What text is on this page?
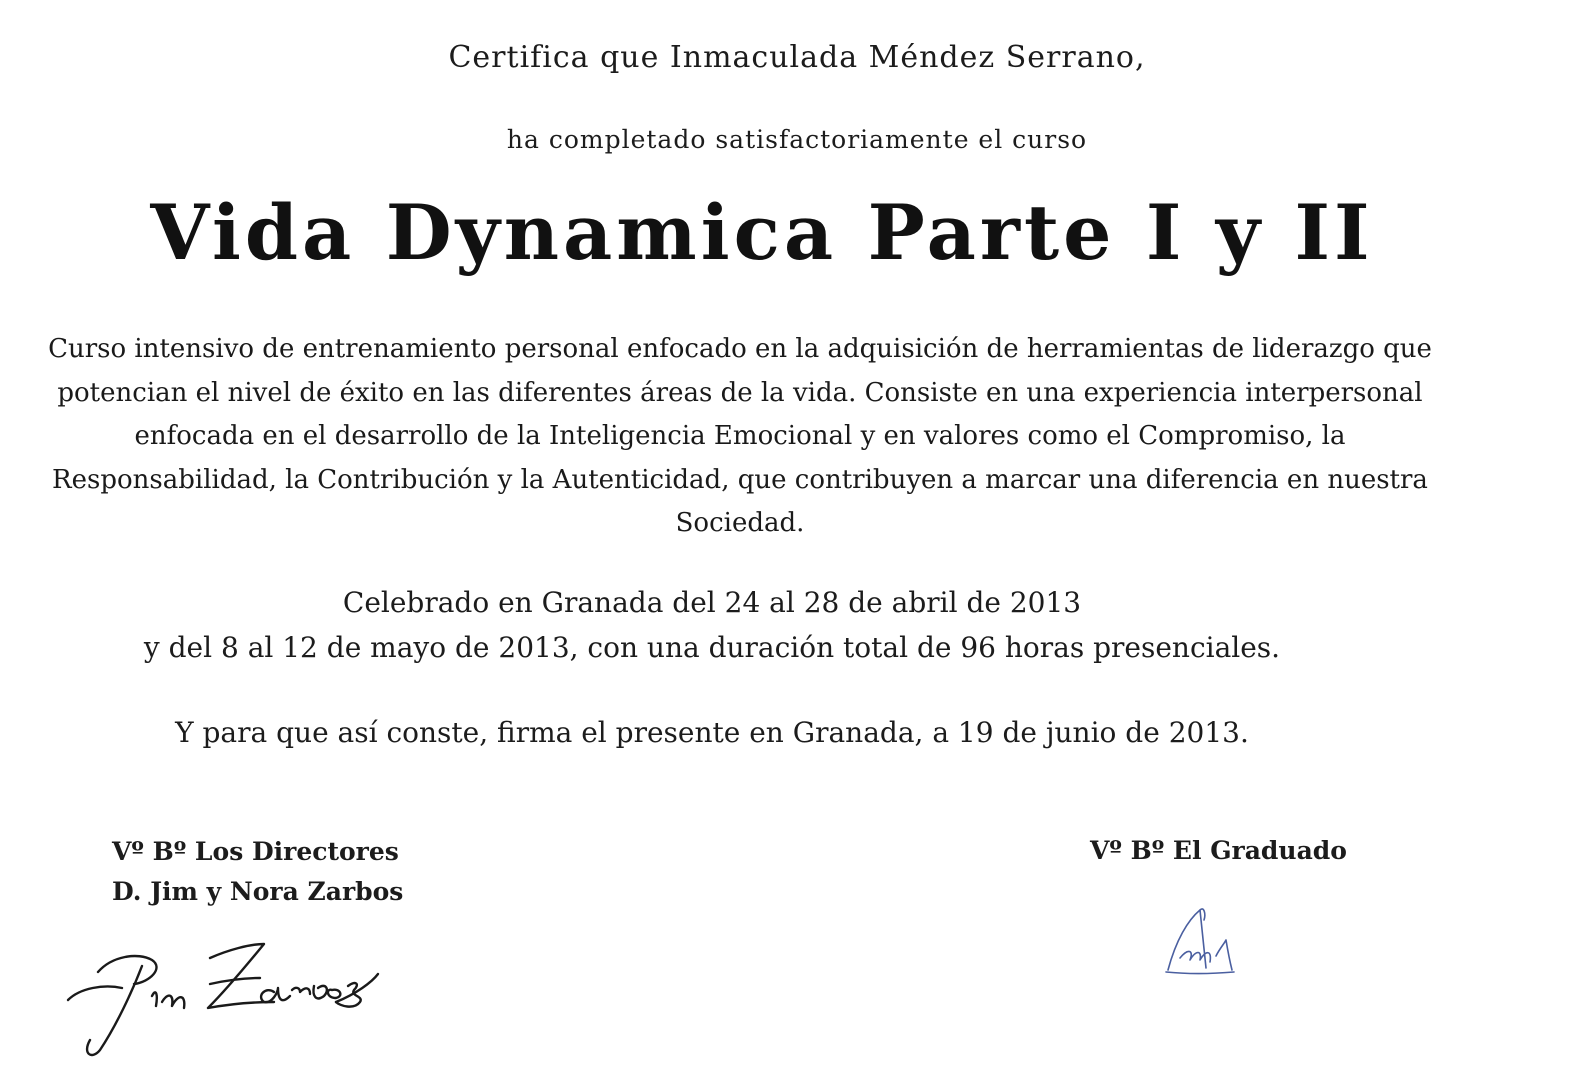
Certifica que Inmaculada Méndez Serrano,
ha completado satisfactoriamente el curso
Vida Dynamica Parte I y II
Curso intensivo de entrenamiento personal enfocado en la adquisición de herramientas de liderazgo que potencian el nivel de éxito en las diferentes áreas de la vida. Consiste en una experiencia interpersonal enfocada en el desarrollo de la Inteligencia Emocional y en valores como el Compromiso, la Responsabilidad, la Contribución y la Autenticidad, que contribuyen a marcar una diferencia en nuestra Sociedad.
Celebrado en Granada del 24 al 28 de abril de 2013
y del 8 al 12 de mayo de 2013, con una duración total de 96 horas presenciales.
Y para que así conste, firma el presente en Granada, a 19 de junio de 2013.
Vº Bº Los Directores
D. Jim y Nora Zarbos
Vº Bº El Graduado
